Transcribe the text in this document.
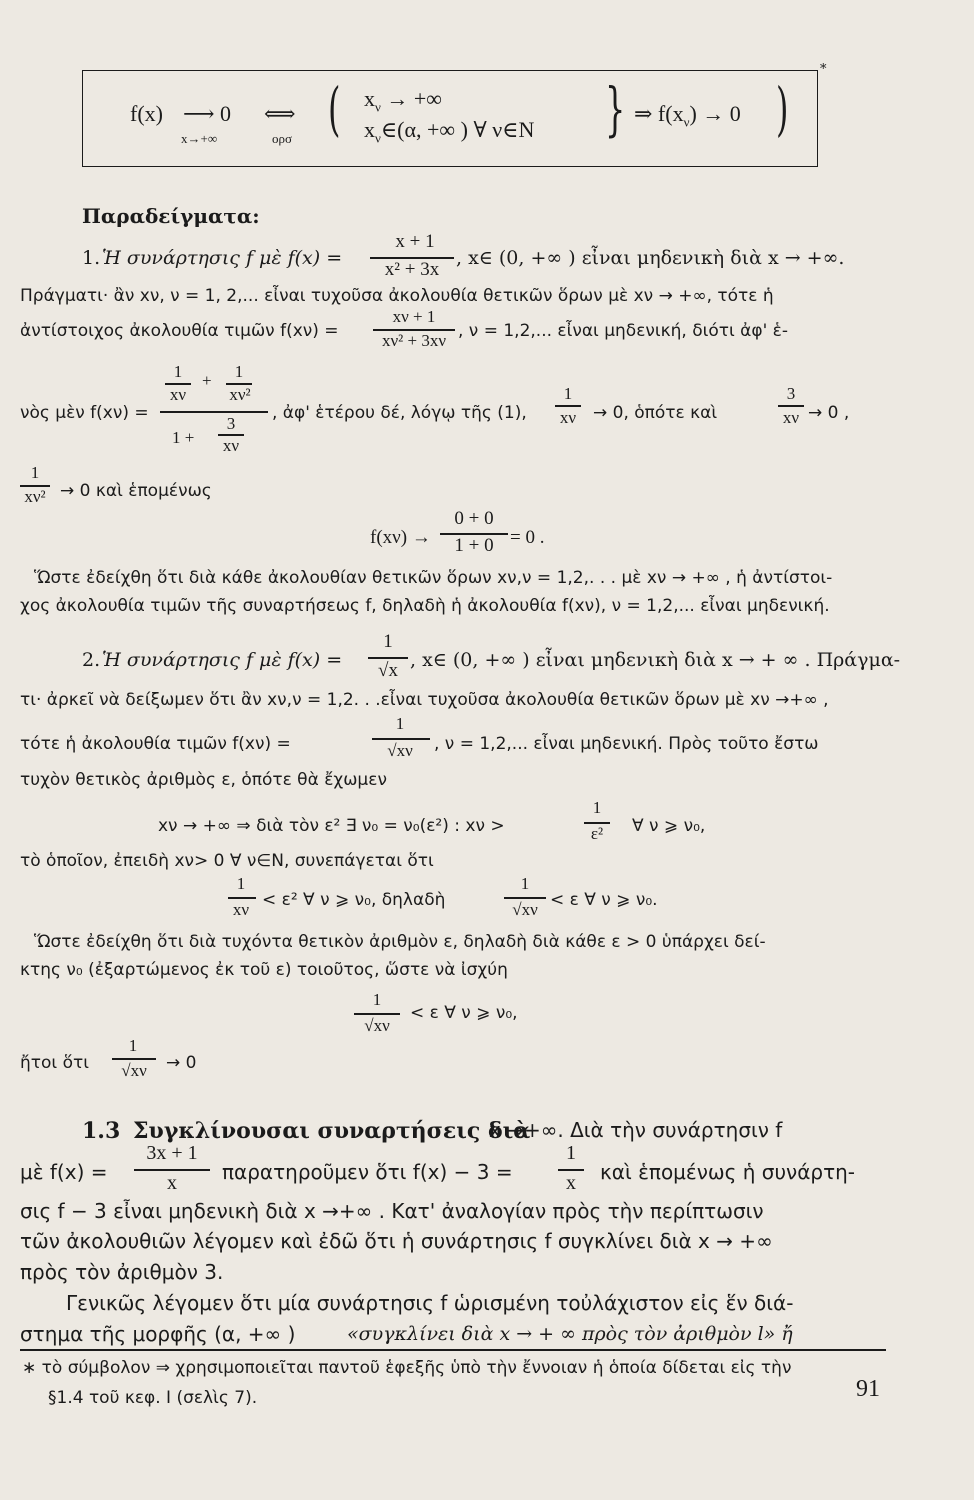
*
f(x) ⟶ 0
x→+∞
⟺
ορσ ( $x_\nu$ → +∞
$x_\nu\in(\alpha$, +∞ ) ∀ ν∈N } ⇒ $f(x_\nu) \to 0$ )
Παραδείγματα:
1. Ἡ συνάρτησις f μὲ f(x) =
x + 1
x² + 3x
, x∈ (0, +∞ ) εἶναι μηδενικὴ διὰ x → +∞.
Πράγματι· ἂν xν, ν = 1, 2,... εἶναι τυχοῦσα ἀκολουθία θετικῶν ὅρων μὲ xν → +∞, τότε ἡ
ἀντίστοιχος ἀκολουθία τιμῶν f(xν) =
xν + 1
xν² + 3xν , ν = 1,2,... εἶναι μηδενική, διότι ἀφ' ἑ-
νὸς μὲν f(xν) =
1
xν
+	1
xν²
1 +
3
xν
, ἀφ' ἑτέρου δέ, λόγῳ τῆς (1),
1
xν → 0, ὁπότε καὶ
3
xν → 0 ,
1
xν² → 0 καὶ ἑπομένως
f(xν) →
0 + 0
1 + 0 = 0 .
Ὥστε ἐδείχθη ὅτι διὰ κάθε ἀκολουθίαν θετικῶν ὅρων xν,ν = 1,2,. . . μὲ xν → +∞ , ἡ ἀντίστοι-
χος ἀκολουθία τιμῶν τῆς συναρτήσεως f, δηλαδὴ ἡ ἀκολουθία f(xν), ν = 1,2,... εἶναι μηδενική.
2. Ἡ συνάρτησις f μὲ f(x) =
1
√x , x∈ (0, +∞ ) εἶναι μηδενικὴ διὰ x → + ∞ . Πράγμα-
τι· ἀρκεῖ νὰ δείξωμεν ὅτι ἂν xν,ν = 1,2. . .εἶναι τυχοῦσα ἀκολουθία θετικῶν ὅρων μὲ xν →+∞ ,
τότε ἡ ἀκολουθία τιμῶν f(xν) =
1
√xν	, ν = 1,2,... εἶναι μηδενική. Πρὸς τοῦτο ἔστω
τυχὸν θετικὸς ἀριθμὸς ε, ὁπότε θὰ ἔχωμεν
xν → +∞ ⇒ διὰ τὸν ε² ∃ ν₀ = ν₀(ε²) : xν >
1
ε²	∀ ν ⩾ ν₀,
τὸ ὁποῖον, ἐπειδὴ xν> 0 ∀ ν∈N, συνεπάγεται ὅτι
1
xν < ε² ∀ ν ⩾ ν₀, δηλαδὴ
1
√xν < ε ∀ ν ⩾ ν₀.
Ὥστε ἐδείχθη ὅτι διὰ τυχόντα θετικὸν ἀριθμὸν ε, δηλαδὴ διὰ κάθε ε > 0 ὑπάρχει δεί-
κτης ν₀ (ἐξαρτώμενος ἐκ τοῦ ε) τοιοῦτος, ὥστε νὰ ἰσχύη
1
√xν
< ε ∀ ν ⩾ ν₀,
ἤτοι ὅτι
1
√xν	→ 0
1.3 Συγκλίνουσαι συναρτήσεις διὰ
x →+∞. Διὰ τὴν συνάρτησιν f
μὲ f(x) =
3x + 1
x	παρατηροῦμεν ὅτι f(x) − 3 =
1
x	καὶ ἑπομένως ἡ συνάρτη-
σις f − 3 εἶναι μηδενικὴ διὰ x →+∞ . Κατ' ἀναλογίαν πρὸς τὴν περίπτωσιν
τῶν ἀκολουθιῶν λέγομεν καὶ ἐδῶ ὅτι ἡ συνάρτησις f συγκλίνει διὰ x → +∞
πρὸς τὸν ἀριθμὸν 3.
Γενικῶς λέγομεν ὅτι μία συνάρτησις f ὡρισμένη τοὐλάχιστον εἰς ἕν διά-
στημα τῆς μορφῆς (α, +∞ )	«συγκλίνει διὰ x → + ∞ πρὸς τὸν ἀριθμὸν l» ἤ
∗ τὸ σύμβολον ⇒ χρησιμοποιεῖται παντοῦ ἑφεξῆς ὑπὸ τὴν ἔννοιαν ἡ ὁποία δίδεται εἰς τὴν
§1.4 τοῦ κεφ. Ι (σελὶς 7).	91
